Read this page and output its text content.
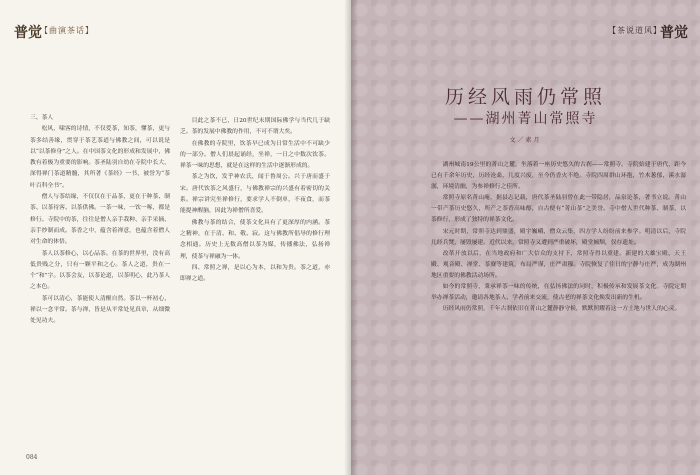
普觉
【曲演茶话】

三、茶人

松风，啸客的诗情，不仅爱茶，知茶，懂茶，更与茶多结善缘，贯穿于茶艺茶道与佛教之间，可以说是以“以茶修身”之人。在中国茶文化的形成和发展中，佛教有着极为重要的影响。茶圣陆羽自幼在寺院中长大，深得禅门茶道精髓，其所著《茶经》一书，被誉为“茶叶百科全书”。

僧人与茶结缘，不仅仅在于品茶，更在于种茶、制茶、以茶待客、以茶供佛。一茶一味，一饮一啄，都是修行。寺院中的茶，往往是僧人亲手栽种、亲手采摘、亲手炒制而成。茶香之中，蕴含着禅意，也蕴含着僧人对生命的体悟。

茶人以茶修心，以心品茶。在茶的世界里，没有高低贵贱之分，只有一颗平和之心。茶人之道，贵在一个“和”字。以茶会友，以茶论道，以茶明心，此乃茶人之本色。

茶可以清心，茶能使人清醒自然。茶以一杯初心，禅以一念平常。茶与禅，皆是从平常处见真章，从细微处见功夫。

目此之茶不已，日20世纪末期国际佛学与当代几于缺乏。茶的发展中佛教的作用，不可不谓大矣。

在佛教的寺院里，饮茶早已成为日常生活中不可缺少的一部分。僧人们晨起诵经，坐禅，一日之中数次饮茶。禅茶一味的思想，就是在这样的生活中逐渐形成的。

茶之为饮，发乎神农氏，闻于鲁周公。兴于唐而盛于宋。唐代饮茶之风盛行，与佛教禅宗的兴盛有着密切的关系。禅宗讲究坐禅修行，要求学人不倒单，不夜食，而茶能提神醒脑，因此为禅僧所喜爱。

佛教与茶的结合，使茶文化具有了更深厚的内涵。茶之精神，在于清、和、敬、寂。这与佛教所倡导的修行理念相通。历史上无数高僧以茶为媒，传播佛法，弘扬禅理，使茶与禅融为一体。

四、常照之禅，是以心为本，以和为贵。茶之道，亦即禅之道。

084
【茶说道风】
普觉
历经风雨仍常照
——湖州菁山常照寺
文／素月

湖州城南19公里的菁山之麓，坐落着一座历史悠久的古刹——常照寺。寺院始建于唐代，距今已有千余年历史，历经沧桑，几度兴废，至今仍香火不绝。寺院四周群山环抱，竹木葱郁，溪水潺潺，环境清幽，为参禅修行之佳所。

常照寺原名菁山庵，据县志记载，唐代茶圣陆羽曾在此一带隐居，品泉论茶，著书立说。菁山一带产茶历史悠久，所产之茶香高味醇，自古便有“菁山茶”之美誉。寺中僧人世代种茶、制茶，以茶修行，形成了独特的禅茶文化。

宋元时期，常照寺达到鼎盛，殿宇巍峨，僧众云集，四方学人纷纷前来参学。明清以后，寺院几经兵燹，屡毁屡建。近代以来，常照寺又遭到严重破坏，殿堂倾颓，仅存遗址。

改革开放以后，在当地政府和广大信众的支持下，常照寺得以重建。新建的大雄宝殿、天王殿、观音殿、禅堂、茶寮等建筑，布局严谨，庄严肃穆。寺院恢复了往日的宁静与庄严，成为湖州地区重要的佛教活动场所。

如今的常照寺，秉承禅茶一味的传统，在弘扬佛法的同时，积极传承和发展茶文化。寺院定期举办禅茶活动，邀请各地茶人、学者前来交流，使古老的禅茶文化焕发出新的生机。

历经风雨仍常照，千年古刹依旧在菁山之麓静静守候，默默照耀着这一方土地与世人的心灵。
